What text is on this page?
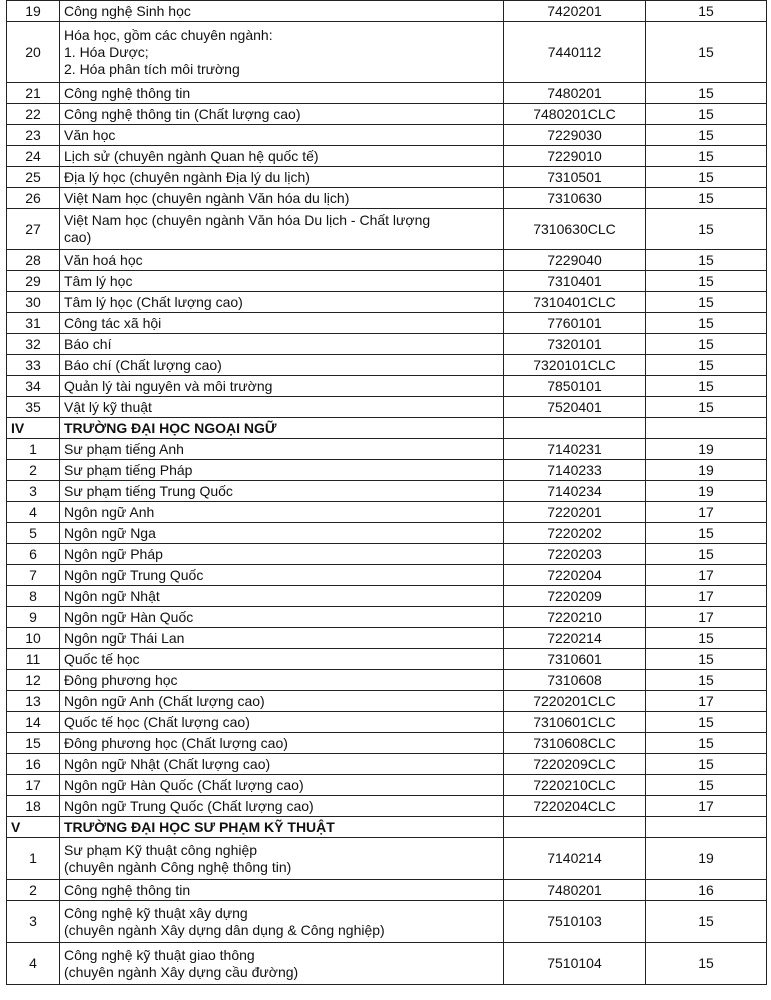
19	Công nghệ Sinh học	7420201	15
20	Hóa học, gồm các chuyên ngành:
1. Hóa Dược;
2. Hóa phân tích môi trường	7440112	15
21	Công nghệ thông tin	7480201	15
22	Công nghệ thông tin (Chất lượng cao)	7480201CLC	15
23	Văn học	7229030	15
24	Lịch sử (chuyên ngành Quan hệ quốc tế)	7229010	15
25	Địa lý học (chuyên ngành Địa lý du lịch)	7310501	15
26	Việt Nam học (chuyên ngành Văn hóa du lịch)	7310630	15
27	Việt Nam học (chuyên ngành Văn hóa Du lịch - Chất lượng
cao)	7310630CLC	15
28	Văn hoá học	7229040	15
29	Tâm lý học	7310401	15
30	Tâm lý học (Chất lượng cao)	7310401CLC	15
31	Công tác xã hội	7760101	15
32	Báo chí	7320101	15
33	Báo chí (Chất lượng cao)	7320101CLC	15
34	Quản lý tài nguyên và môi trường	7850101	15
35	Vật lý kỹ thuật	7520401	15
IV	TRƯỜNG ĐẠI HỌC NGOẠI NGỮ		

1	Sư phạm tiếng Anh	7140231	19
2	Sư phạm tiếng Pháp	7140233	19
3	Sư phạm tiếng Trung Quốc	7140234	19
4	Ngôn ngữ Anh	7220201	17
5	Ngôn ngữ Nga	7220202	15
6	Ngôn ngữ Pháp	7220203	15
7	Ngôn ngữ Trung Quốc	7220204	17
8	Ngôn ngữ Nhật	7220209	17
9	Ngôn ngữ Hàn Quốc	7220210	17
10	Ngôn ngữ Thái Lan	7220214	15
11	Quốc tế học	7310601	15
12	Đông phương học	7310608	15
13	Ngôn ngữ Anh (Chất lượng cao)	7220201CLC	17
14	Quốc tế học (Chất lượng cao)	7310601CLC	15
15	Đông phương học (Chất lượng cao)	7310608CLC	15
16	Ngôn ngữ Nhật (Chất lượng cao)	7220209CLC	15
17	Ngôn ngữ Hàn Quốc (Chất lượng cao)	7220210CLC	15
18	Ngôn ngữ Trung Quốc (Chất lượng cao)	7220204CLC	17
V	TRƯỜNG ĐẠI HỌC SƯ PHẠM KỸ THUẬT		

1	Sư phạm Kỹ thuật công nghiệp
(chuyên ngành Công nghệ thông tin)	7140214	19
2	Công nghệ thông tin	7480201	16
3	Công nghệ kỹ thuật xây dựng
(chuyên ngành Xây dựng dân dụng & Công nghiệp)	7510103	15
4	Công nghệ kỹ thuật giao thông
(chuyên ngành Xây dựng cầu đường)	7510104	15
